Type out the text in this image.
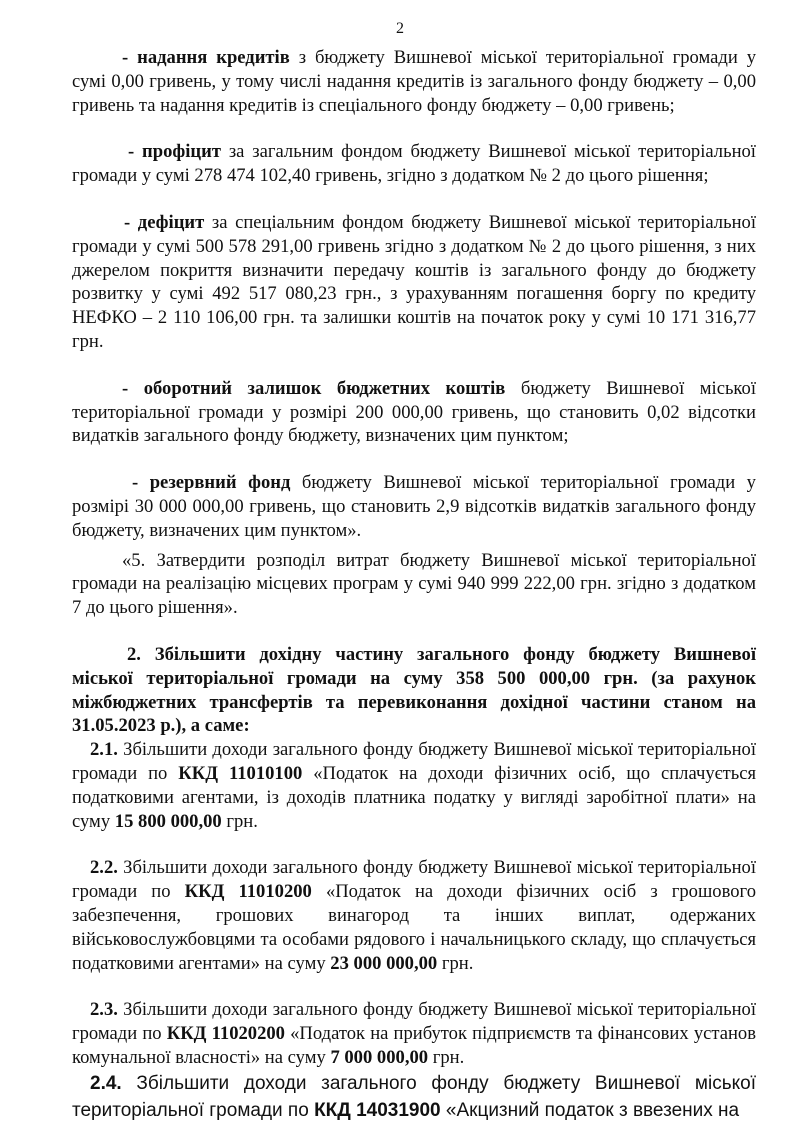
2

- надання кредитів з бюджету Вишневої міської територіальної громади у сумі 0,00 гривень, у тому числі надання кредитів із загального фонду бюджету – 0,00 гривень та надання кредитів із спеціального фонду бюджету – 0,00 гривень;

- профіцит за загальним фондом бюджету Вишневої міської територіальної громади у сумі 278 474 102,40 гривень, згідно з додатком № 2 до цього рішення;

- дефіцит за спеціальним фондом бюджету Вишневої міської територіальної громади у сумі 500 578 291,00 гривень згідно з додатком № 2 до цього рішення, з них джерелом покриття визначити передачу коштів із загального фонду до бюджету розвитку у сумі 492 517 080,23 грн., з урахуванням погашення боргу по кредиту НЕФКО – 2 110 106,00 грн. та залишки коштів на початок року у сумі 10 171 316,77 грн.

- оборотний залишок бюджетних коштів бюджету Вишневої міської територіальної громади у розмірі 200 000,00 гривень, що становить 0,02 відсотки видатків загального фонду бюджету, визначених цим пунктом;

- резервний фонд бюджету Вишневої міської територіальної громади у розмірі 30 000 000,00 гривень, що становить 2,9 відсотків видатків загального фонду бюджету, визначених цим пунктом».

«5. Затвердити розподіл витрат бюджету Вишневої міської територіальної громади на реалізацію місцевих програм у сумі 940 999 222,00 грн. згідно з додатком 7 до цього рішення».

2. Збільшити дохідну частину загального фонду бюджету Вишневої міської територіальної громади на суму 358 500 000,00 грн. (за рахунок міжбюджетних трансфертів та перевиконання дохідної частини станом на 31.05.2023 р.), а саме:

2.1. Збільшити доходи загального фонду бюджету Вишневої міської територіальної громади по ККД 11010100 «Податок на доходи фізичних осіб, що сплачується податковими агентами, із доходів платника податку у вигляді заробітної плати» на суму 15 800 000,00 грн.

2.2. Збільшити доходи загального фонду бюджету Вишневої міської територіальної громади по ККД 11010200 «Податок на доходи фізичних осіб з грошового забезпечення, грошових винагород та інших виплат, одержаних військовослужбовцями та особами рядового і начальницького складу, що сплачується податковими агентами» на суму 23 000 000,00 грн.

2.3. Збільшити доходи загального фонду бюджету Вишневої міської територіальної громади по ККД 11020200 «Податок на прибуток підприємств та фінансових установ комунальної власності» на суму 7 000 000,00 грн.

2.4. Збільшити доходи загального фонду бюджету Вишневої міської територіальної громади по ККД 14031900 «Акцизний податок з ввезених на
